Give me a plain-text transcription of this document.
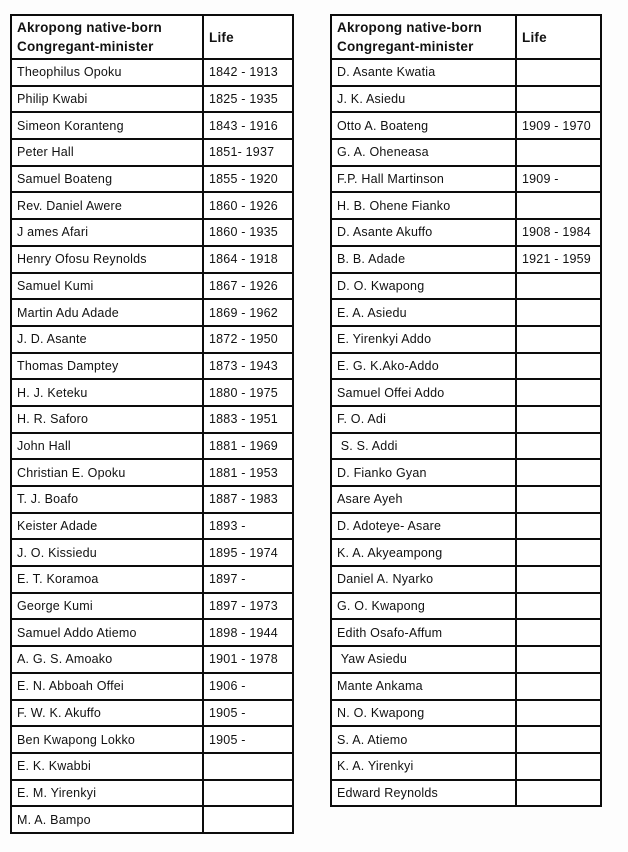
Akropong native-born
Congregant-minister	Life
Theophilus Opoku	1842 - 1913
Philip Kwabi	1825 - 1935
Simeon Koranteng	1843 - 1916
Peter Hall	1851- 1937
Samuel Boateng	1855 - 1920
Rev. Daniel Awere	1860 - 1926
J ames Afari	1860 - 1935
Henry Ofosu Reynolds	1864 - 1918
Samuel Kumi	1867 - 1926
Martin Adu Adade	1869 - 1962
J. D. Asante	1872 - 1950
Thomas Damptey	1873 - 1943
H. J. Keteku	1880 - 1975
H. R. Saforo	1883 - 1951
John Hall	1881 - 1969
Christian E. Opoku	1881 - 1953
T. J. Boafo	1887 - 1983
Keister Adade	1893 -
J. O. Kissiedu	1895 - 1974
E. T. Koramoa	1897 -
George Kumi	1897 - 1973
Samuel Addo Atiemo	1898 - 1944
A. G. S. Amoako	1901 - 1978
E. N. Abboah Offei	1906 -
F. W. K. Akuffo	1905 -
Ben Kwapong Lokko	1905 -
E. K. Kwabbi	
E. M. Yirenkyi	
M. A. Bampo	
Akropong native-born
Congregant-minister	Life
D. Asante Kwatia	
J. K. Asiedu	
Otto A. Boateng	1909 - 1970
G. A. Oheneasa	
F.P. Hall Martinson	1909 -
H. B. Ohene Fianko	
D. Asante Akuffo	1908 - 1984
B. B. Adade	1921 - 1959
D. O. Kwapong	
E. A. Asiedu	
E. Yirenkyi Addo	
E. G. K.Ako-Addo	
Samuel Offei Addo	
F. O. Adi	
S. S. Addi	
D. Fianko Gyan	
Asare Ayeh	
D. Adoteye- Asare	
K. A. Akyeampong	
Daniel A. Nyarko	
G. O. Kwapong	
Edith Osafo-Affum	
Yaw Asiedu	
Mante Ankama	
N. O. Kwapong	
S. A. Atiemo	
K. A. Yirenkyi	
Edward Reynolds	
